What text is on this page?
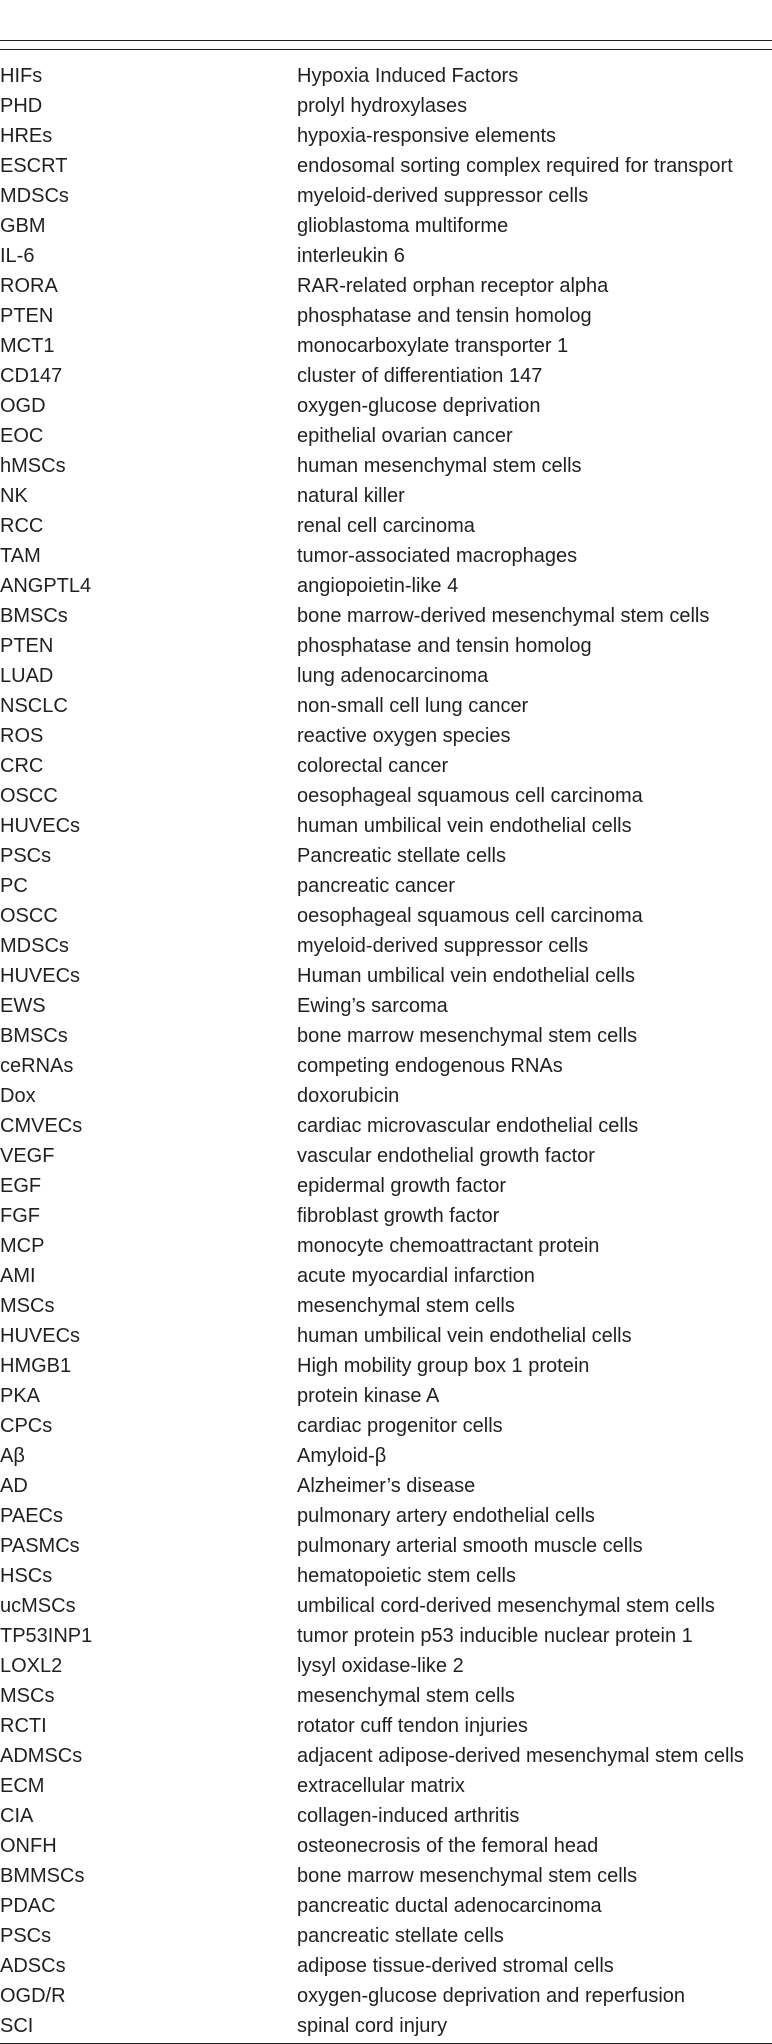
HIFs	Hypoxia Induced Factors
PHD	prolyl hydroxylases
HREs	hypoxia-responsive elements
ESCRT	endosomal sorting complex required for transport
MDSCs	myeloid-derived suppressor cells
GBM	glioblastoma multiforme
IL-6	interleukin 6
RORA	RAR-related orphan receptor alpha
PTEN	phosphatase and tensin homolog
MCT1	monocarboxylate transporter 1
CD147	cluster of differentiation 147
OGD	oxygen-glucose deprivation
EOC	epithelial ovarian cancer
hMSCs	human mesenchymal stem cells
NK	natural killer
RCC	renal cell carcinoma
TAM	tumor-associated macrophages
ANGPTL4	angiopoietin-like 4
BMSCs	bone marrow-derived mesenchymal stem cells
PTEN	phosphatase and tensin homolog
LUAD	lung adenocarcinoma
NSCLC	non-small cell lung cancer
ROS	reactive oxygen species
CRC	colorectal cancer
OSCC	oesophageal squamous cell carcinoma
HUVECs	human umbilical vein endothelial cells
PSCs	Pancreatic stellate cells
PC	pancreatic cancer
OSCC	oesophageal squamous cell carcinoma
MDSCs	myeloid-derived suppressor cells
HUVECs	Human umbilical vein endothelial cells
EWS	Ewing’s sarcoma
BMSCs	bone marrow mesenchymal stem cells
ceRNAs	competing endogenous RNAs
Dox	doxorubicin
CMVECs	cardiac microvascular endothelial cells
VEGF	vascular endothelial growth factor
EGF	epidermal growth factor
FGF	fibroblast growth factor
MCP	monocyte chemoattractant protein
AMI	acute myocardial infarction
MSCs	mesenchymal stem cells
HUVECs	human umbilical vein endothelial cells
HMGB1	High mobility group box 1 protein
PKA	protein kinase A
CPCs	cardiac progenitor cells
Aβ	Amyloid-β
AD	Alzheimer’s disease
PAECs	pulmonary artery endothelial cells
PASMCs	pulmonary arterial smooth muscle cells
HSCs	hematopoietic stem cells
ucMSCs	umbilical cord-derived mesenchymal stem cells
TP53INP1	tumor protein p53 inducible nuclear protein 1
LOXL2	lysyl oxidase-like 2
MSCs	mesenchymal stem cells
RCTI	rotator cuff tendon injuries
ADMSCs	adjacent adipose-derived mesenchymal stem cells
ECM	extracellular matrix
CIA	collagen-induced arthritis
ONFH	osteonecrosis of the femoral head
BMMSCs	bone marrow mesenchymal stem cells
PDAC	pancreatic ductal adenocarcinoma
PSCs	pancreatic stellate cells
ADSCs	adipose tissue-derived stromal cells
OGD/R	oxygen-glucose deprivation and reperfusion
SCI	spinal cord injury
